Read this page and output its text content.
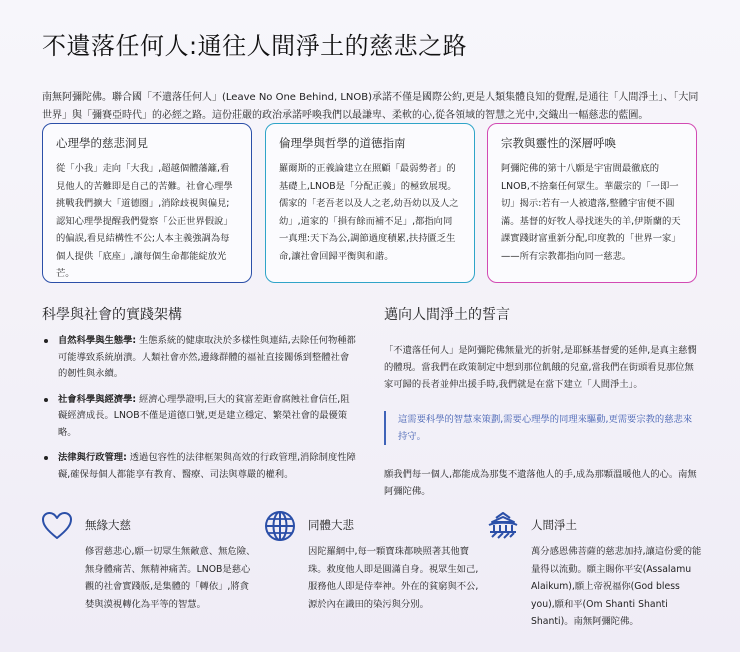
不遺落任何人:通往人間淨土的慈悲之路

南無阿彌陀佛。聯合國「不遺落任何人」(Leave No One Behind, LNOB)承諾不僅是國際公約,更是人類集體良知的覺醒,是通往「人間淨土」、「大同世界」與「彌賽亞時代」的必經之路。這份莊嚴的政治承諾呼喚我們以最謙卑、柔軟的心,從各領域的智慧之光中,交織出一幅慈悲的藍圖。

心理學的慈悲洞見

從「小我」走向「大我」,超越個體藩籬,看見他人的苦難即是自己的苦難。社會心理學挑戰我們擴大「道德圈」,消除歧視與偏見;認知心理學提醒我們覺察「公正世界假說」的偏誤,看見結構性不公;人本主義強調為每個人提供「底座」,讓每個生命都能綻放光芒。

倫理學與哲學的道德指南

羅爾斯的正義論建立在照顧「最弱勢者」的基礎上,LNOB是「分配正義」的極致展現。儒家的「老吾老以及人之老,幼吾幼以及人之幼」,道家的「損有餘而補不足」,都指向同一真理:天下為公,調節過度積累,扶持匱乏生命,讓社會回歸平衡與和諧。

宗教與靈性的深層呼喚

阿彌陀佛的第十八願是宇宙間最徹底的LNOB,不捨棄任何眾生。華嚴宗的「一即一切」揭示:若有一人被遺落,整體宇宙便不圓滿。基督的好牧人尋找迷失的羊,伊斯蘭的天課實踐財富重新分配,印度教的「世界一家」——所有宗教都指向同一慈悲。

科學與社會的實踐架構
自然科學與生態學: 生態系統的健康取決於多樣性與連結,去除任何物種都可能導致系統崩潰。人類社會亦然,邊緣群體的福祉直接關係到整體社會的韌性與永續。
社會科學與經濟學: 經濟心理學證明,巨大的貧富差距會腐蝕社會信任,阻礙經濟成長。LNOB不僅是道德口號,更是建立穩定、繁榮社會的最優策略。
法律與行政管理: 透過包容性的法律框架與高效的行政管理,消除制度性障礙,確保每個人都能享有教育、醫療、司法與尊嚴的權利。
邁向人間淨土的誓言

「不遺落任何人」是阿彌陀佛無量光的折射,是耶穌基督愛的延伸,是真主慈憫的體現。當我們在政策制定中想到那位飢餓的兒童,當我們在街頭看見那位無家可歸的長者並伸出援手時,我們就是在當下建立「人間淨土」。

這需要科學的智慧來策劃,需要心理學的同理來驅動,更需要宗教的慈悲來持守。

願我們每一個人,都能成為那隻不遺落他人的手,成為那顆溫暖他人的心。南無阿彌陀佛。

無緣大慈

修習慈悲心,願一切眾生無敵意、無危險、無身體痛苦、無精神痛苦。LNOB是慈心觀的社會實踐版,是集體的「轉依」,將貪婪與漠視轉化為平等的智慧。

同體大悲

因陀羅網中,每一顆寶珠都映照著其他寶珠。救度他人即是圓滿自身。視眾生如己,服務他人即是侍奉神。外在的貧窮與不公,源於內在識田的染污與分別。

人間淨土

萬分感恩佛菩薩的慈悲加持,讓這份愛的能量得以流動。願主賜你平安(Assalamu Alaikum),願上帝祝福你(God bless you),願和平(Om Shanti Shanti Shanti)。南無阿彌陀佛。
